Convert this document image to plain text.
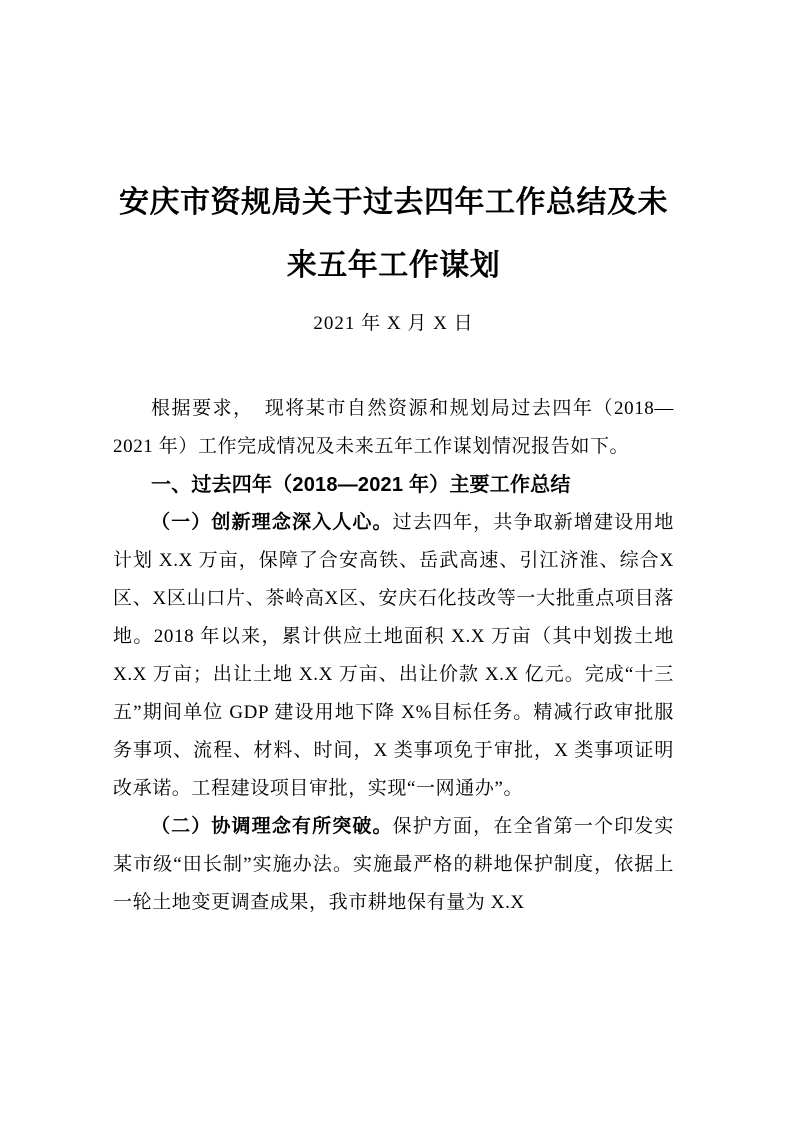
安庆市资规局关于过去四年工作总结及未
来五年工作谋划
2021 年 X 月 X 日

根据要求，　现将某市自然资源和规划局过去四年（2018—2021 年）工作完成情况及未来五年工作谋划情况报告如下。

一、过去四年（2018—2021 年）主要工作总结

（一）创新理念深入人心。过去四年，共争取新增建设用地计划 X.X 万亩，保障了合安高铁、岳武高速、引江济淮、综合X区、X区山口片、茶岭高X区、安庆石化技改等一大批重点项目落地。2018 年以来，累计供应土地面积 X.X 万亩（其中划拨土地 X.X 万亩；出让土地 X.X 万亩、出让价款 X.X 亿元。完成“十三五”期间单位 GDP 建设用地下降 X%目标任务。精减行政审批服务事项、流程、材料、时间，X 类事项免于审批，X 类事项证明改承诺。工程建设项目审批，实现“一网通办”。

（二）协调理念有所突破。保护方面，在全省第一个印发实某市级“田长制”实施办法。实施最严格的耕地保护制度，依据上一轮土地变更调查成果，我市耕地保有量为 X.X
